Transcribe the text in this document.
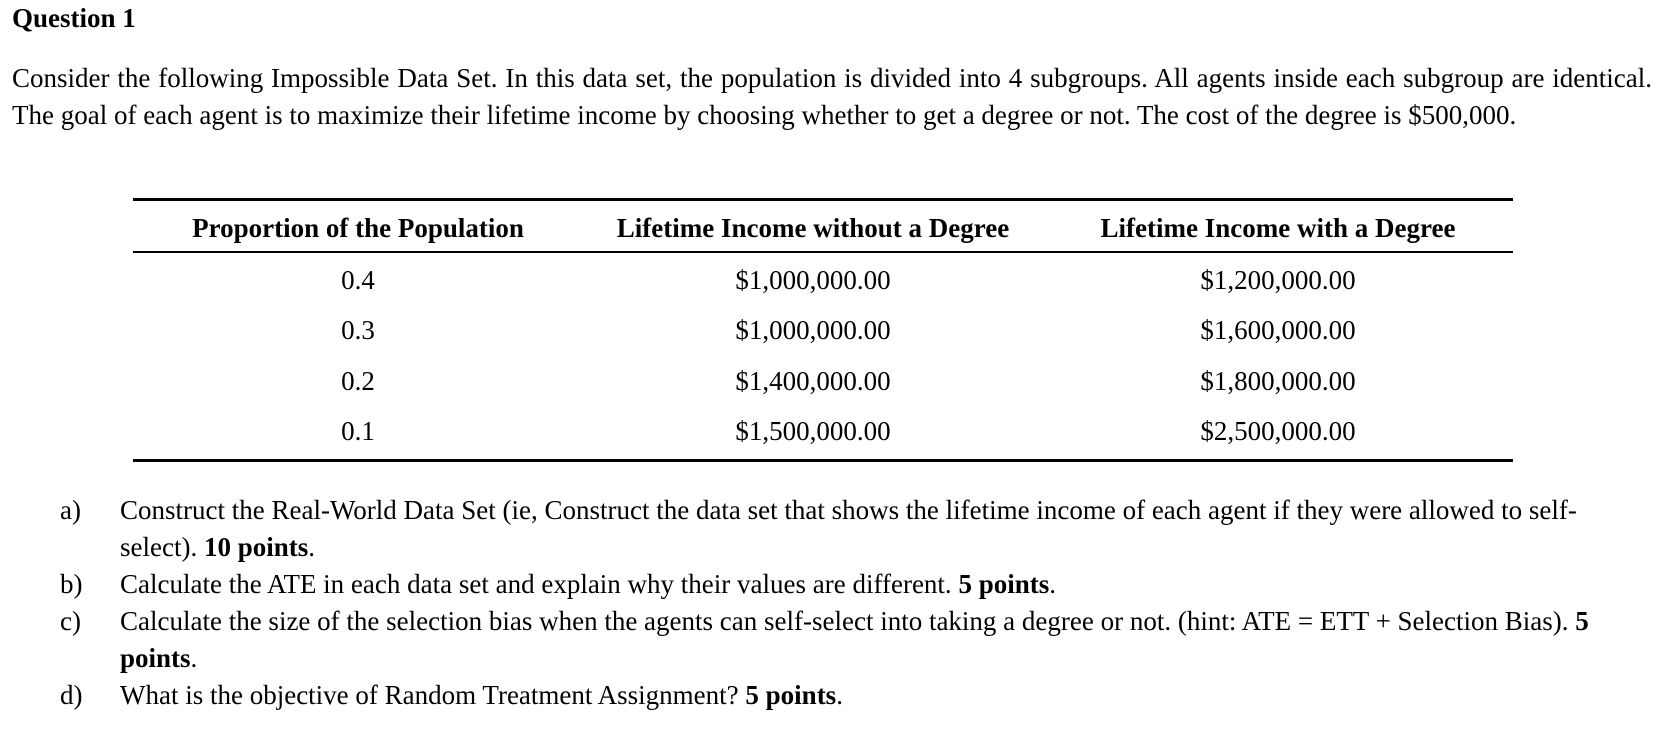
Question 1
Consider the following Impossible Data Set. In this data set, the population is divided into 4 subgroups. All agents inside each subgroup are identical. The goal of each agent is to maximize their lifetime income by choosing whether to get a degree or not. The cost of the degree is $500,000.
Proportion of the Population	Lifetime Income without a Degree	Lifetime Income with a Degree
0.4	$1,000,000.00	$1,200,000.00
0.3	$1,000,000.00	$1,600,000.00
0.2	$1,400,000.00	$1,800,000.00
0.1	$1,500,000.00	$2,500,000.00
a)	Construct the Real-World Data Set (ie, Construct the data set that shows the lifetime income of each agent if they were allowed to self-select). 10 points.
b)	Calculate the ATE in each data set and explain why their values are different. 5 points.
c)	Calculate the size of the selection bias when the agents can self-select into taking a degree or not. (hint: ATE = ETT + Selection Bias). 5 points.
d)	What is the objective of Random Treatment Assignment? 5 points.
